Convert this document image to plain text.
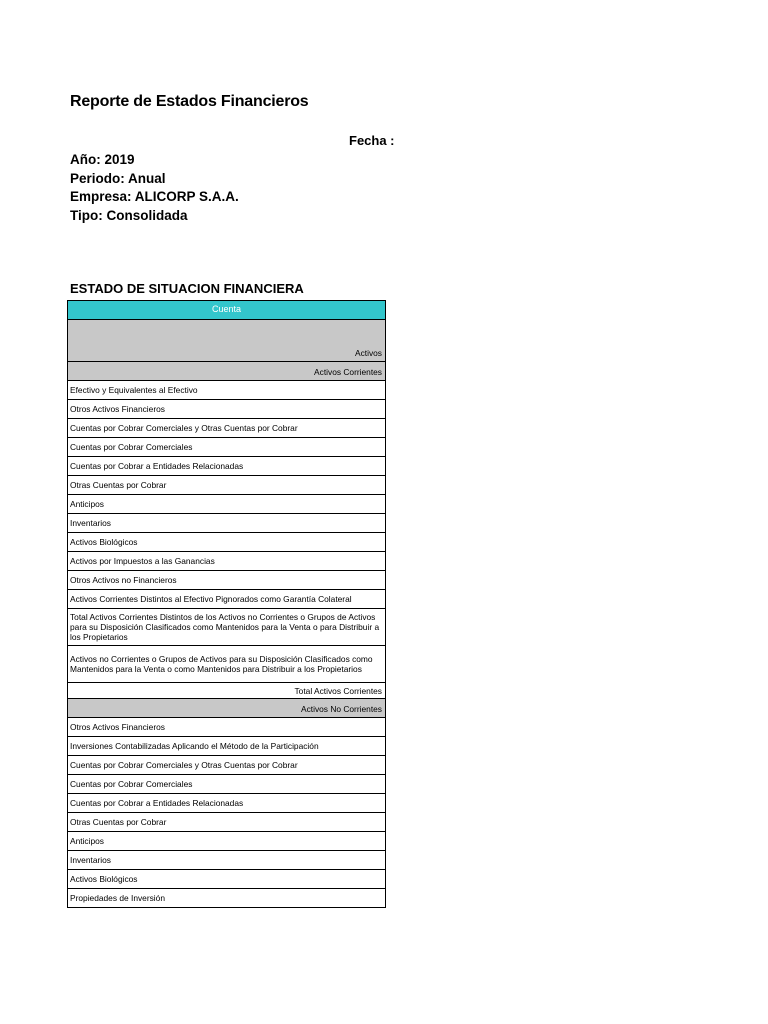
Reporte de Estados Financieros
Fecha :
Año: 2019
Periodo: Anual
Empresa: ALICORP S.A.A.
Tipo: Consolidada
ESTADO DE SITUACION FINANCIERA
Cuenta
Activos
Activos Corrientes
Efectivo y Equivalentes al Efectivo
Otros Activos Financieros
Cuentas por Cobrar Comerciales y Otras Cuentas por Cobrar
Cuentas por Cobrar Comerciales
Cuentas por Cobrar a Entidades Relacionadas
Otras Cuentas por Cobrar
Anticipos
Inventarios
Activos Biológicos
Activos por Impuestos a las Ganancias
Otros Activos no Financieros
Activos Corrientes Distintos al Efectivo Pignorados como Garantía Colateral
Total Activos Corrientes Distintos de los Activos no Corrientes o Grupos de Activos para su Disposición Clasificados como Mantenidos para la Venta o para Distribuir a los Propietarios
Activos no Corrientes o Grupos de Activos para su Disposición Clasificados como Mantenidos para la Venta o como Mantenidos para Distribuir a los Propietarios
Total Activos Corrientes
Activos No Corrientes
Otros Activos Financieros
Inversiones Contabilizadas Aplicando el Método de la Participación
Cuentas por Cobrar Comerciales y Otras Cuentas por Cobrar
Cuentas por Cobrar Comerciales
Cuentas por Cobrar a Entidades Relacionadas
Otras Cuentas por Cobrar
Anticipos
Inventarios
Activos Biológicos
Propiedades de Inversión
